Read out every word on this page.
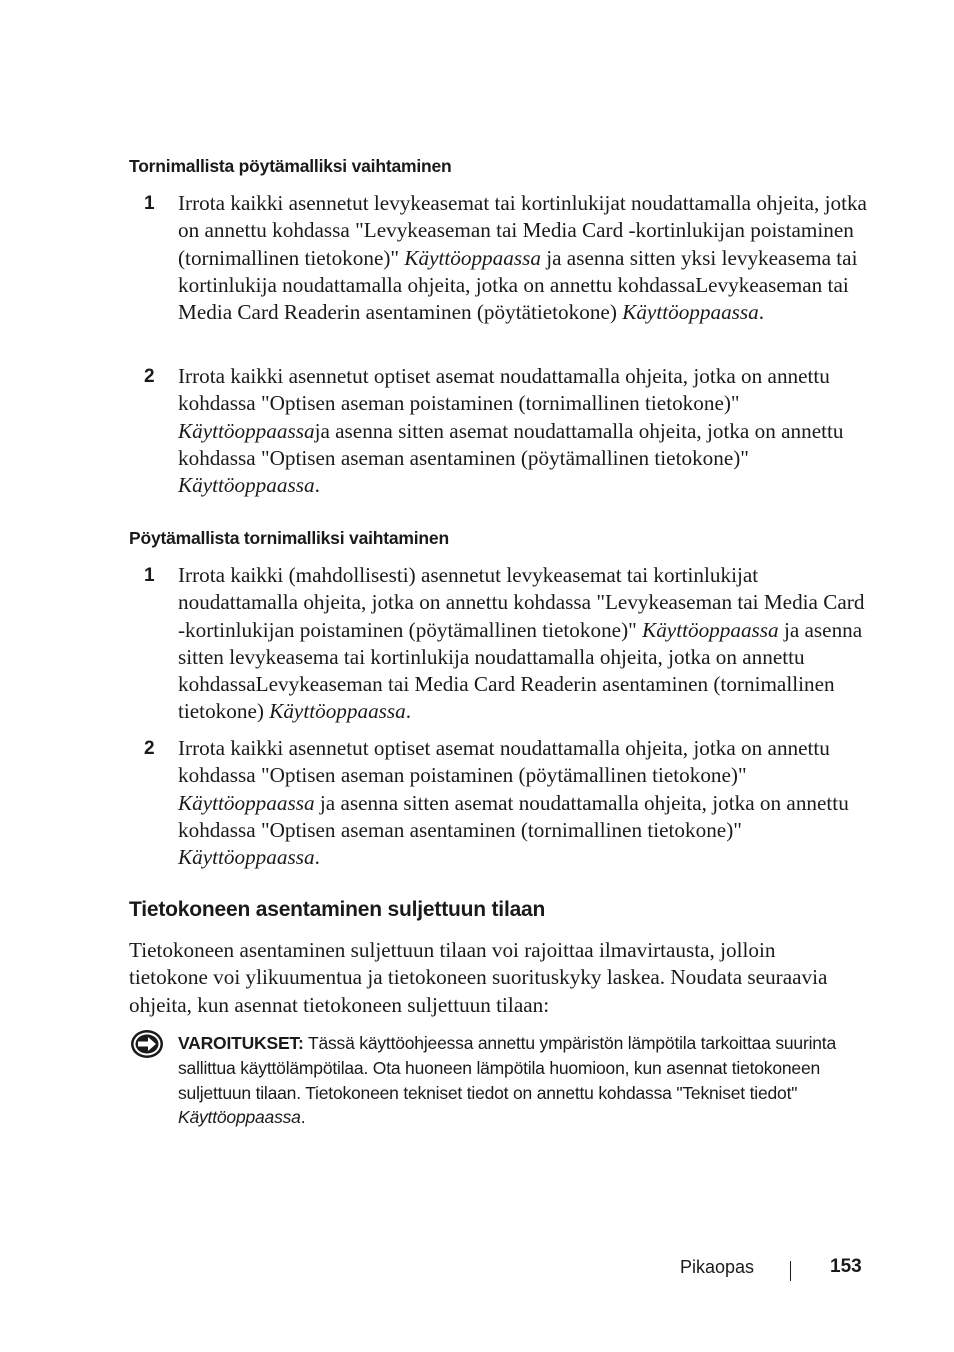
Tornimallista pöytämalliksi vaihtaminen
1 Irrota kaikki asennetut levykeasemat tai kortinlukijat noudattamalla ohjeita, jotka on annettu kohdassa "Levykeaseman tai Media Card -kortinlukijan poistaminen (tornimallinen tietokone)" Käyttöoppaassa ja asenna sitten yksi levykeasema tai kortinlukija noudattamalla ohjeita, jotka on annettu kohdassaLevykeaseman tai Media Card Readerin asentaminen (pöytätietokone) Käyttöoppaassa.

2 Irrota kaikki asennetut optiset asemat noudattamalla ohjeita, jotka on annettu kohdassa "Optisen aseman poistaminen (tornimallinen tietokone)" Käyttöoppaassaja asenna sitten asemat noudattamalla ohjeita, jotka on annettu kohdassa "Optisen aseman asentaminen (pöytämallinen tietokone)" Käyttöoppaassa.

Pöytämallista tornimalliksi vaihtaminen
1 Irrota kaikki (mahdollisesti) asennetut levykeasemat tai kortinlukijat noudattamalla ohjeita, jotka on annettu kohdassa "Levykeaseman tai Media Card -kortinlukijan poistaminen (pöytämallinen tietokone)" Käyttöoppaassa ja asenna sitten levykeasema tai kortinlukija noudattamalla ohjeita, jotka on annettu kohdassaLevykeaseman tai Media Card Readerin asentaminen (tornimallinen tietokone) Käyttöoppaassa.

2 Irrota kaikki asennetut optiset asemat noudattamalla ohjeita, jotka on annettu kohdassa "Optisen aseman poistaminen (pöytämallinen tietokone)" Käyttöoppaassa ja asenna sitten asemat noudattamalla ohjeita, jotka on annettu kohdassa "Optisen aseman asentaminen (tornimallinen tietokone)" Käyttöoppaassa.

Tietokoneen asentaminen suljettuun tilaan

Tietokoneen asentaminen suljettuun tilaan voi rajoittaa ilmavirtausta, jolloin tietokone voi ylikuumentua ja tietokoneen suorituskyky laskea. Noudata seuraavia ohjeita, kun asennat tietokoneen suljettuun tilaan:

VAROITUKSET: Tässä käyttöohjeessa annettu ympäristön lämpötila tarkoittaa suurinta sallittua käyttölämpötilaa. Ota huoneen lämpötila huomioon, kun asennat tietokoneen suljettuun tilaan. Tietokoneen tekniset tiedot on annettu kohdassa "Tekniset tiedot" Käyttöoppaassa.

Pikaopas	153
